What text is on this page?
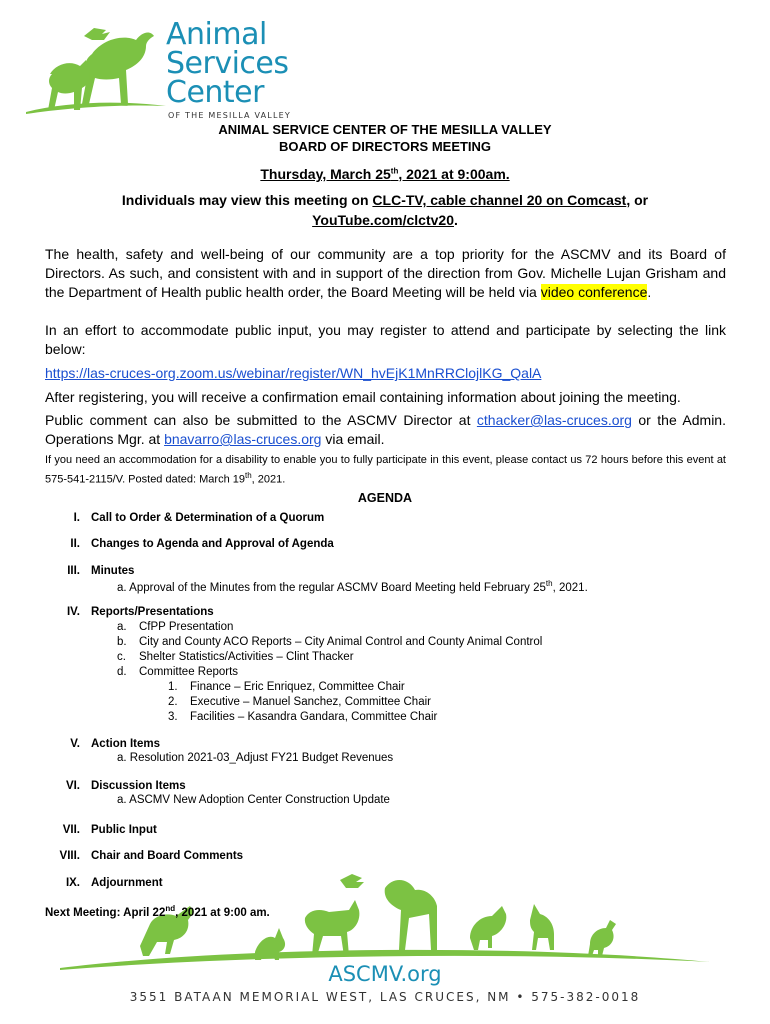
Animal
Services
Center
OF THE MESILLA VALLEY
ANIMAL SERVICE CENTER OF THE MESILLA VALLEY
BOARD OF DIRECTORS MEETING
Thursday, March 25th, 2021 at 9:00am.
Individuals may view this meeting on CLC-TV, cable channel 20 on Comcast, or
YouTube.com/clctv20.
The health, safety and well-being of our community are a top priority for the ASCMV and its Board of Directors. As such, and consistent with and in support of the direction from Gov. Michelle Lujan Grisham and the Department of Health public health order, the Board Meeting will be held via video conference.
In an effort to accommodate public input, you may register to attend and participate by selecting the link below:
https://las-cruces-org.zoom.us/webinar/register/WN_hvEjK1MnRRClojlKG_QalA
After registering, you will receive a confirmation email containing information about joining the meeting.
Public comment can also be submitted to the ASCMV Director at cthacker@las-cruces.org or the Admin. Operations Mgr. at bnavarro@las-cruces.org via email.
If you need an accommodation for a disability to enable you to fully participate in this event, please contact us 72 hours before this event at 575-541-2115/V. Posted dated: March 19th, 2021.
AGENDA
I. Call to Order & Determination of a Quorum
II. Changes to Agenda and Approval of Agenda
III. Minutes
a. Approval of the Minutes from the regular ASCMV Board Meeting held February 25th, 2021.
IV. Reports/Presentations
a. CfPP Presentation
b. City and County ACO Reports – City Animal Control and County Animal Control
c. Shelter Statistics/Activities – Clint Thacker
d. Committee Reports
1. Finance – Eric Enriquez, Committee Chair
2. Executive – Manuel Sanchez, Committee Chair
3. Facilities – Kasandra Gandara, Committee Chair
V. Action Items
a. Resolution 2021-03_Adjust FY21 Budget Revenues
VI. Discussion Items
a. ASCMV New Adoption Center Construction Update
VII. Public Input
VIII. Chair and Board Comments
IX. Adjournment
Next Meeting: April 22nd, 2021 at 9:00 am.
ASCMV.org
3551 BATAAN MEMORIAL WEST, LAS CRUCES, NM • 575-382-0018
